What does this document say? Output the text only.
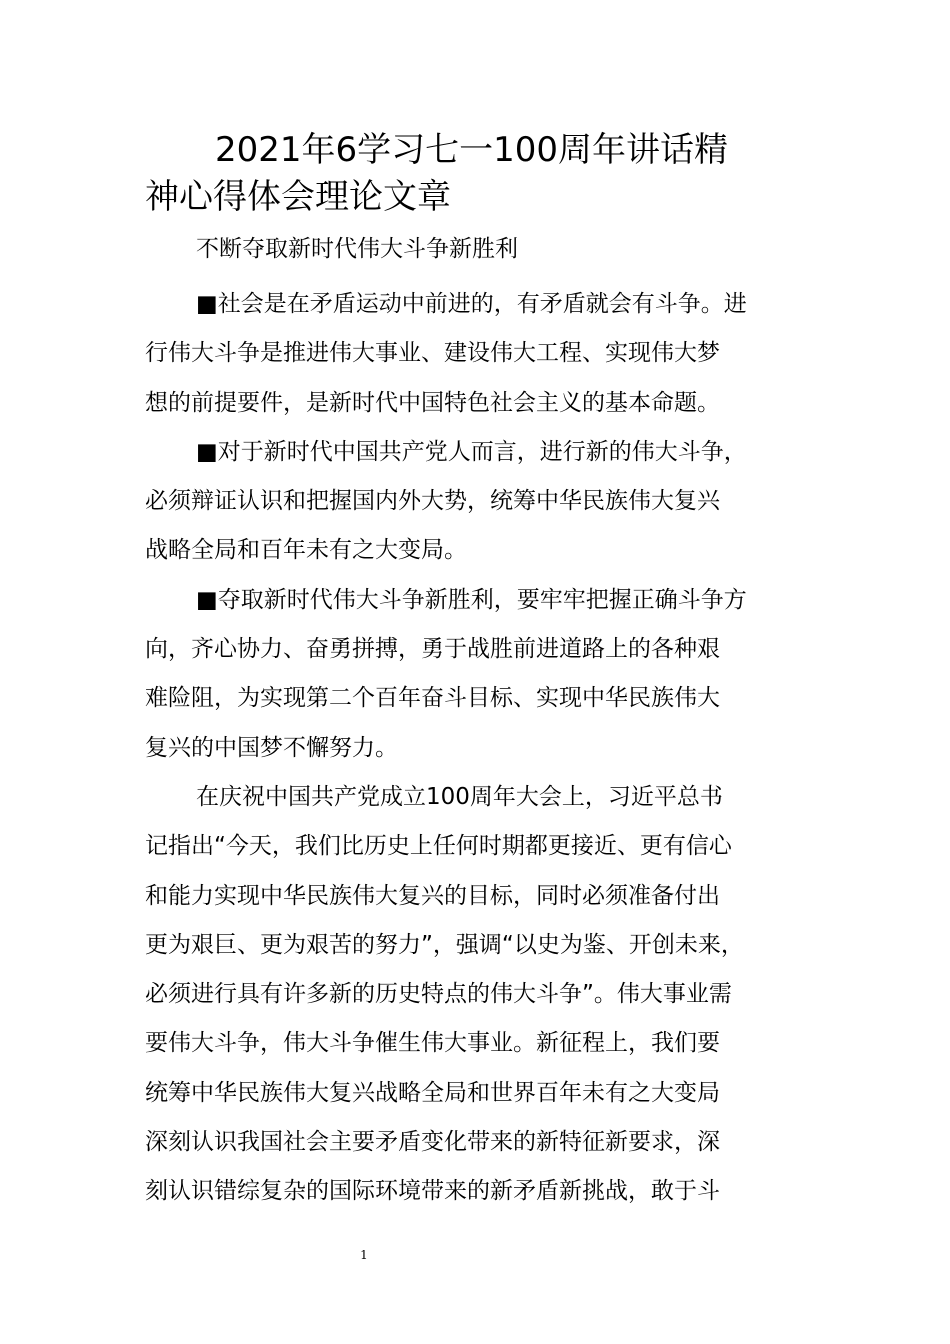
2021年6学习七一100周年讲话精
神心得体会理论文章
不断夺取新时代伟大斗争新胜利

■社会是在矛盾运动中前进的，有矛盾就会有斗争。进
行伟大斗争是推进伟大事业、建设伟大工程、实现伟大梦
想的前提要件，是新时代中国特色社会主义的基本命题。

■对于新时代中国共产党人而言，进行新的伟大斗争，
必须辩证认识和把握国内外大势，统筹中华民族伟大复兴
战略全局和百年未有之大变局。

■夺取新时代伟大斗争新胜利，要牢牢把握正确斗争方
向，齐心协力、奋勇拼搏，勇于战胜前进道路上的各种艰
难险阻，为实现第二个百年奋斗目标、实现中华民族伟大
复兴的中国梦不懈努力。

在庆祝中国共产党成立100周年大会上，习近平总书
记指出“今天，我们比历史上任何时期都更接近、更有信心
和能力实现中华民族伟大复兴的目标，同时必须准备付出
更为艰巨、更为艰苦的努力”，强调“以史为鉴、开创未来，
必须进行具有许多新的历史特点的伟大斗争”。伟大事业需
要伟大斗争，伟大斗争催生伟大事业。新征程上，我们要
统筹中华民族伟大复兴战略全局和世界百年未有之大变局
深刻认识我国社会主要矛盾变化带来的新特征新要求，深
刻认识错综复杂的国际环境带来的新矛盾新挑战，敢于斗

1
